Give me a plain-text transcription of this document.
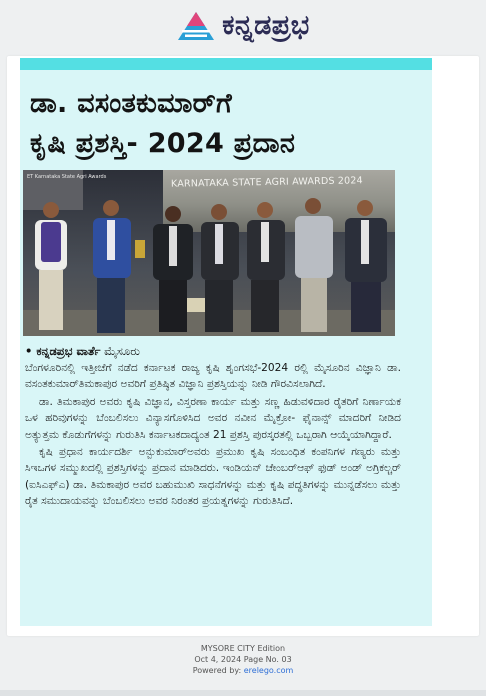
ಕನ್ನಡಪ್ರಭ
ಡಾ. ವಸಂತಕುಮಾರ್‌ಗೆ
ಕೃಷಿ ಪ್ರಶಸ್ತಿ- 2024 ಪ್ರದಾನ
KARNATAKA STATE AGRI AWARDS 2024
ET Karnataka State Agri Awards
• ಕನ್ನಡಪ್ರಭ ವಾರ್ತೆ ಮೈಸೂರು

ಬೆಂಗಳೂರಿನಲ್ಲಿ ಇತ್ತೀಚೆಗೆ ನಡೆದ ಕರ್ನಾಟಕ ರಾಜ್ಯ ಕೃಷಿ ಶೃಂಗಸಭೆ-2024 ರಲ್ಲಿ ಮೈಸೂರಿನ ವಿಜ್ಞಾನಿ ಡಾ. ವಸಂತಕುಮಾರ್‌ತಿಮಕಾಪುರ ಅವರಿಗೆ ಪ್ರತಿಷ್ಠಿತ ವಿಜ್ಞಾನಿ ಪ್ರಶಸ್ತಿಯನ್ನು ನೀಡಿ ಗೌರವಿಸಲಾಗಿದೆ.

ಡಾ. ತಿಮಕಾಪುರ ಅವರು ಕೃಷಿ ವಿಜ್ಞಾನ, ವಿಸ್ತರಣಾ ಕಾರ್ಯ ಮತ್ತು ಸಣ್ಣ ಹಿಡುವಳಿದಾರ ರೈತರಿಗೆ ನಿರ್ಣಾಯಕ ಒಳ ಹರಿವುಗಳನ್ನು ಬೆಂಬಲಿಸಲು ವಿನ್ಯಾಸಗೊಳಿಸಿದ ಅವರ ನವೀನ ಮೈಕ್ರೋ- ಫೈನಾನ್ಸ್ ಮಾದರಿಗೆ ನೀಡಿದ ಅತ್ಯುತ್ತಮ ಕೊಡುಗೆಗಳನ್ನು ಗುರುತಿಸಿ ಕರ್ನಾಟಕದಾದ್ಯಂತ 21 ಪ್ರಶಸ್ತಿ ಪುರಸ್ಕರತಲ್ಲಿ ಒಬ್ಬರಾಗಿ ಆಯ್ಕೆಯಾಗಿದ್ದಾರೆ.

ಕೃಷಿ ಪ್ರಧಾನ ಕಾರ್ಯದರ್ಶಿ ಅನ್ಬುಕುಮಾರ್‌ಅವರು ಪ್ರಮುಖ ಕೃಷಿ ಸಂಬಂಧಿತ ಕಂಪನಿಗಳ ಗಣ್ಯರು ಮತ್ತು ಸಿಇಒಗಳ ಸಮ್ಮುಖದಲ್ಲಿ ಪ್ರಶಸ್ತಿಗಳನ್ನು ಪ್ರದಾನ ಮಾಡಿದರು. ಇಂಡಿಯನ್ ಚೇಂಬರ್‌ಆಫ್ ಫುಡ್ ಅಂಡ್ ಅಗ್ರಿಕಲ್ಚರ್ (ಐಸಿಎಫ್ಎ) ಡಾ. ತಿಮಕಾಪುರ ಅವರ ಬಹುಮುಖಿ ಸಾಧನೆಗಳನ್ನು ಮತ್ತು ಕೃಷಿ ಪದ್ಧತಿಗಳನ್ನು ಮುನ್ನಡೆಸಲು ಮತ್ತು ರೈತ ಸಮುದಾಯವನ್ನು ಬೆಂಬಲಿಸಲು ಅವರ ನಿರಂತರ ಪ್ರಯತ್ನಗಳನ್ನು ಗುರುತಿಸಿದೆ.

MYSORE CITY Edition
Oct 4, 2024 Page No. 03
Powered by: erelego.com
